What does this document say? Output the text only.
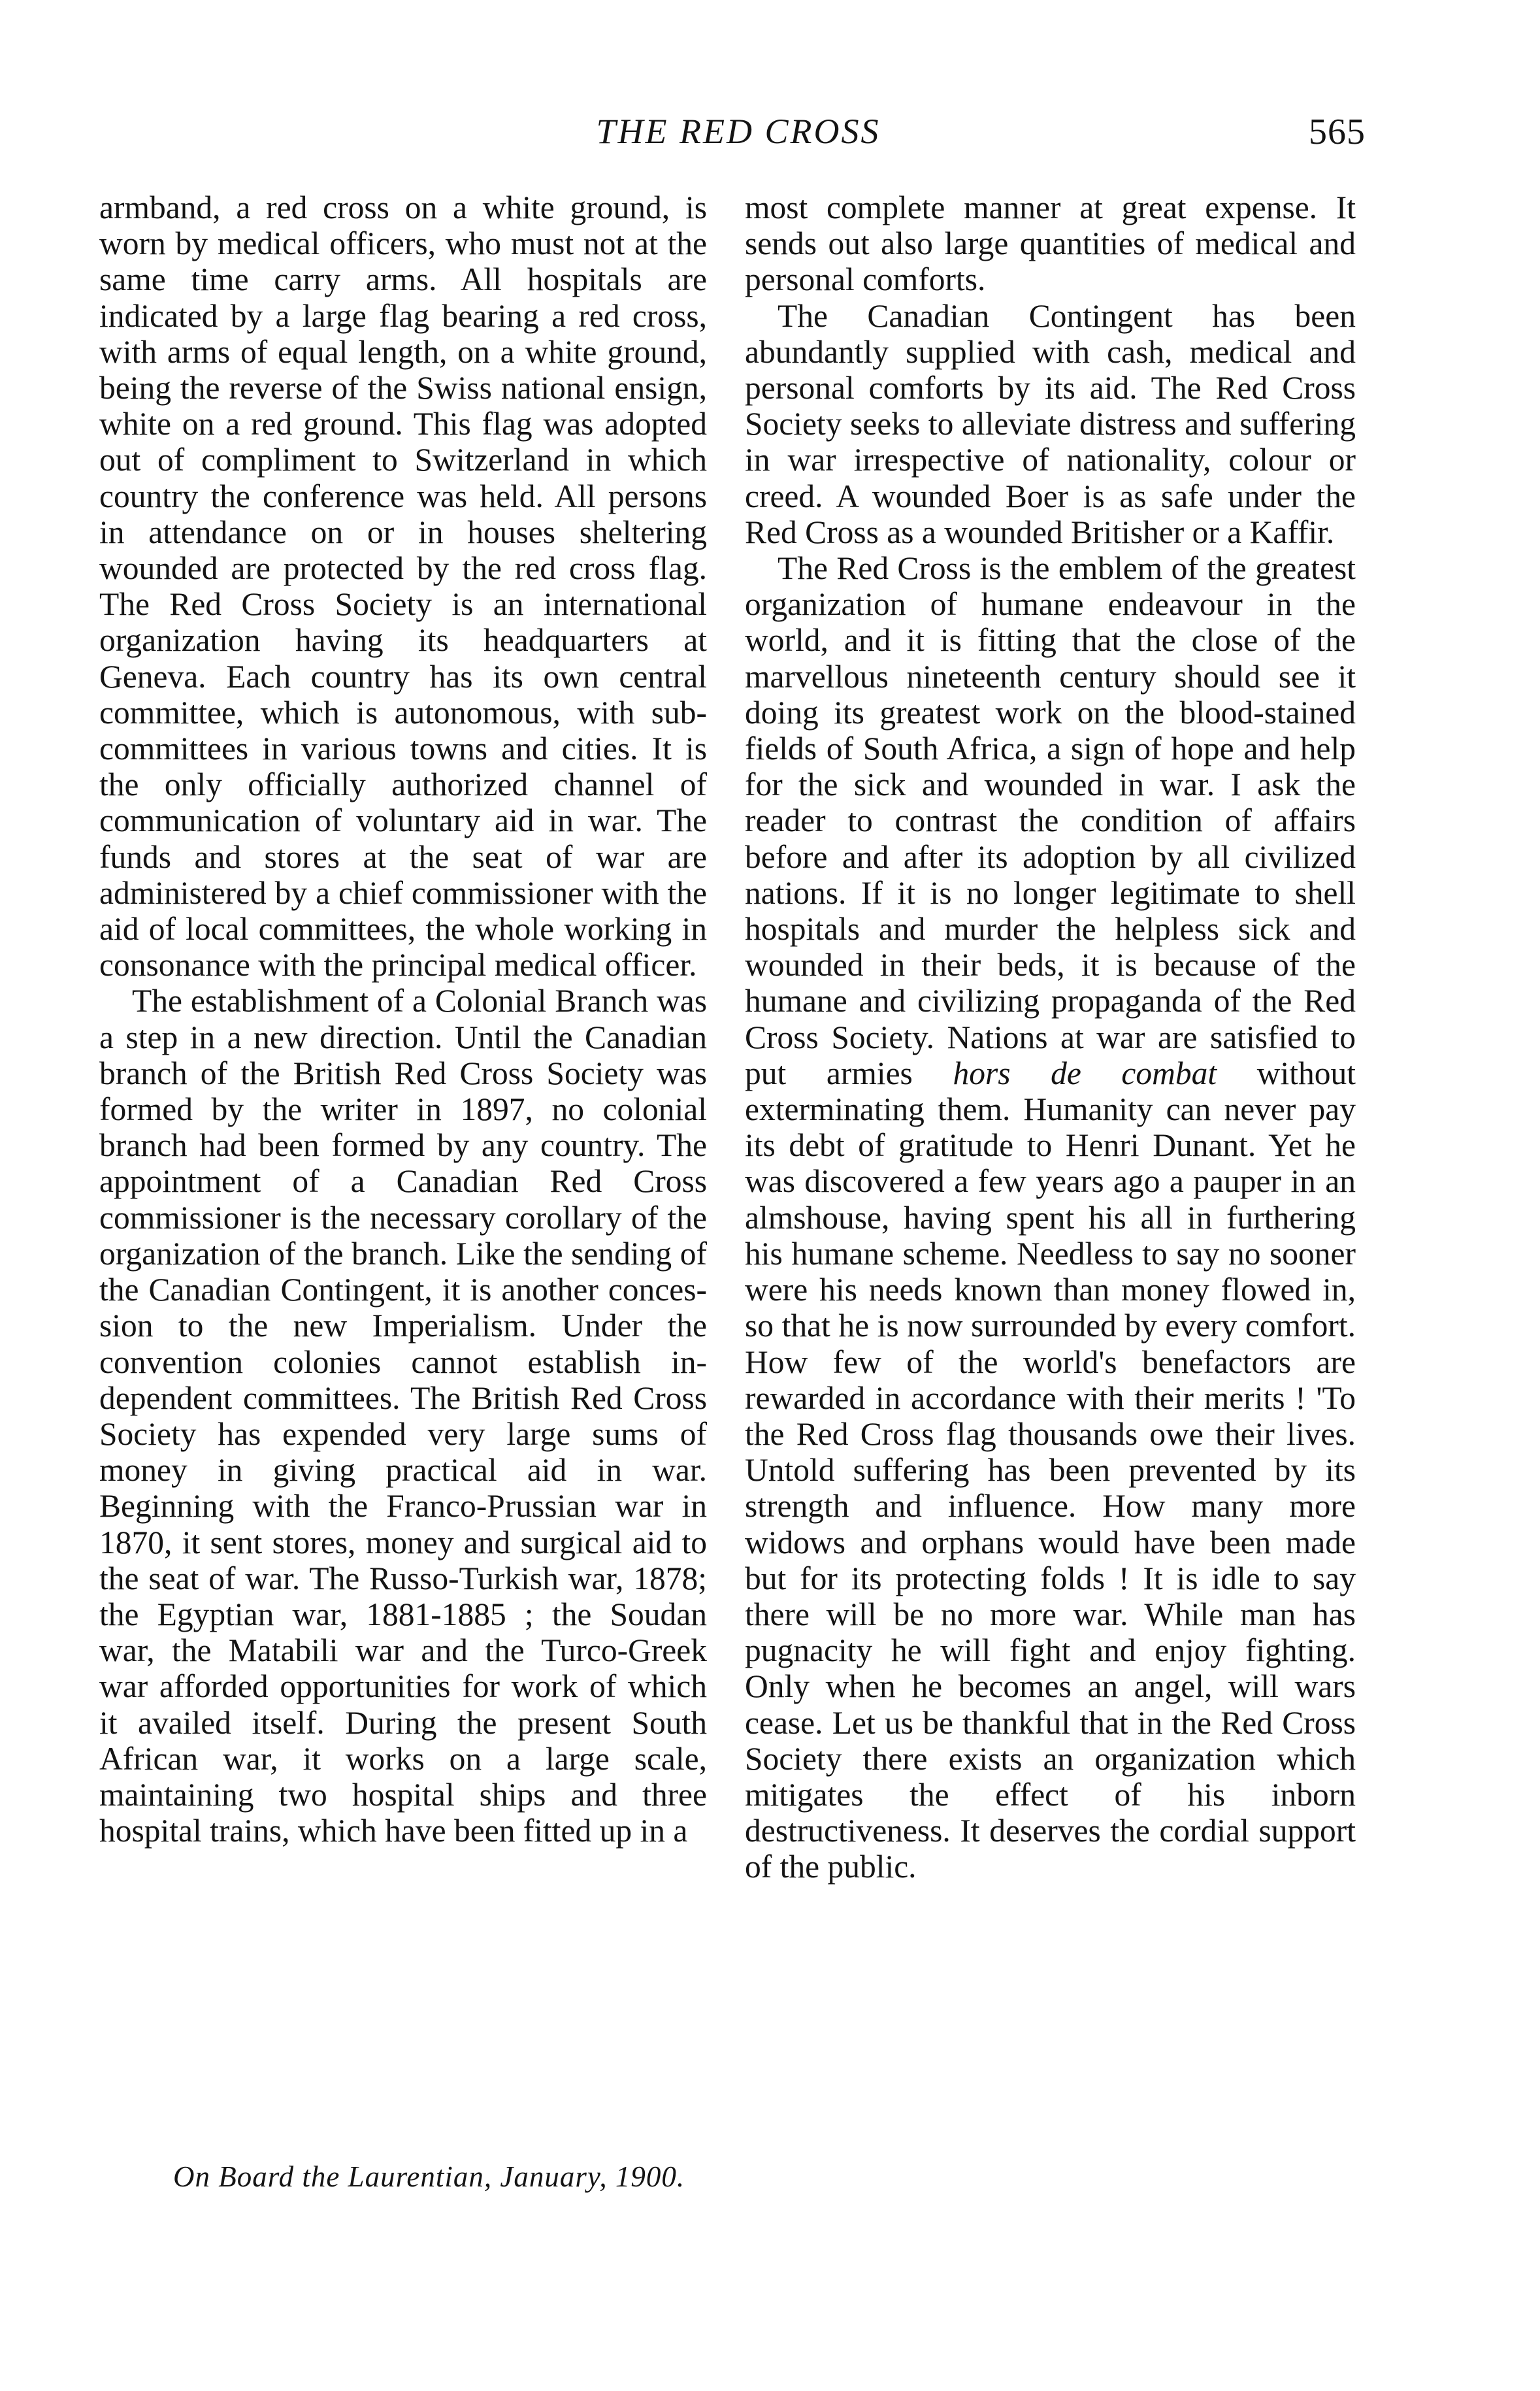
THE RED CROSS	565

armband, a red cross on a white ground, is worn by medical officers, who must not at the same time carry arms. All hospitals are indicated by a large flag bearing a red cross, with arms of equal length, on a white ground, being the reverse of the Swiss national ensign, white on a red ground. This flag was adopted out of compliment to Switzerland in which country the conference was held. All persons in attendance on or in houses sheltering wounded are protected by the red cross flag. The Red Cross Society is an international organization having its headquarters at Geneva. Each country has its own central committee, which is autonomous, with sub-committees in various towns and cities. It is the only officially authorized channel of communication of voluntary aid in war. The funds and stores at the seat of war are administered by a chief commissioner with the aid of local committees, the whole working in consonance with the principal medical officer.

The establishment of a Colonial Branch was a step in a new direction. Until the Canadian branch of the British Red Cross Society was formed by the writer in 1897, no colonial branch had been formed by any country. The appointment of a Canadian Red Cross commissioner is the necessary corollary of the organization of the branch. Like the sending of the Canadian Contingent, it is another concession to the new Imperialism. Under the convention colonies cannot establish independent committees. The British Red Cross Society has expended very large sums of money in giving practical aid in war. Beginning with the Franco-Prussian war in 1870, it sent stores, money and surgical aid to the seat of war. The Russo-Turkish war, 1878; the Egyptian war, 1881-1885 ; the Soudan war, the Matabili war and the Turco-Greek war afforded opportunities for work of which it availed itself. During the present South African war, it works on a large scale, maintaining two hospital ships and three hospital trains, which have been fitted up in a

most complete manner at great expense. It sends out also large quantities of medical and personal comforts.

The Canadian Contingent has been abundantly supplied with cash, medical and personal comforts by its aid. The Red Cross Society seeks to alleviate distress and suffering in war irrespective of nationality, colour or creed. A wounded Boer is as safe under the Red Cross as a wounded Britisher or a Kaffir.

The Red Cross is the emblem of the greatest organization of humane endeavour in the world, and it is fitting that the close of the marvellous nineteenth century should see it doing its greatest work on the blood-stained fields of South Africa, a sign of hope and help for the sick and wounded in war. I ask the reader to contrast the condition of affairs before and after its adoption by all civilized nations. If it is no longer legitimate to shell hospitals and murder the helpless sick and wounded in their beds, it is because of the humane and civilizing propaganda of the Red Cross Society. Nations at war are satisfied to put armies hors de combat without exterminating them. Humanity can never pay its debt of gratitude to Henri Dunant. Yet he was discovered a few years ago a pauper in an almshouse, having spent his all in furthering his humane scheme. Needless to say no sooner were his needs known than money flowed in, so that he is now surrounded by every comfort. How few of the world's benefactors are rewarded in accordance with their merits ! 'To the Red Cross flag thousands owe their lives. Untold suffering has been prevented by its strength and influence. How many more widows and orphans would have been made but for its protecting folds ! It is idle to say there will be no more war. While man has pugnacity he will fight and enjoy fighting. Only when he becomes an angel, will wars cease. Let us be thankful that in the Red Cross Society there exists an organization which mitigates the effect of his inborn destructiveness. It deserves the cordial support of the public.

On Board the Laurentian, January, 1900.
